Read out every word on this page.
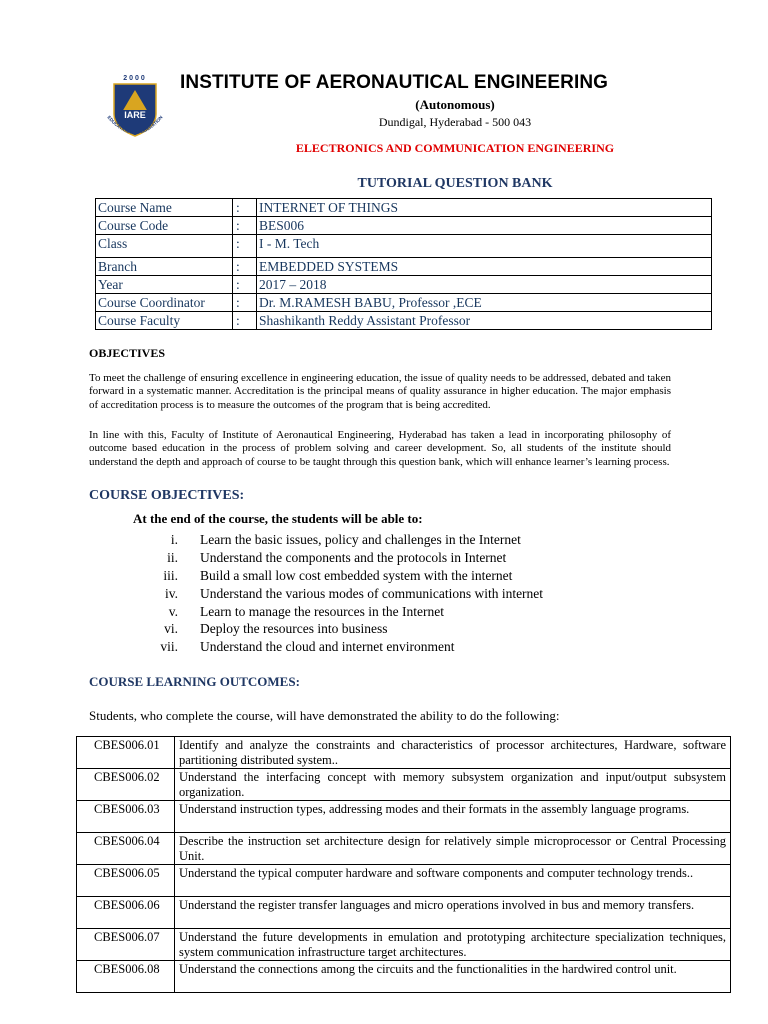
2000
IARE
EDUCATION FOR LIBERATION
INSTITUTE OF AERONAUTICAL ENGINEERING
(Autonomous)
Dundigal, Hyderabad - 500 043
ELECTRONICS AND COMMUNICATION ENGINEERING
TUTORIAL QUESTION BANK
Course Name	:	INTERNET OF THINGS
Course Code	:	BES006
Class	:	I - M. Tech
Branch	:	EMBEDDED SYSTEMS
Year	:	2017 – 2018
Course Coordinator	:	Dr. M.RAMESH BABU, Professor ,ECE
Course Faculty	:	Shashikanth Reddy Assistant Professor
OBJECTIVES
To meet the challenge of ensuring excellence in engineering education, the issue of quality needs to be addressed, debated and taken forward in a systematic manner. Accreditation is the principal means of quality assurance in higher education. The major emphasis of accreditation process is to measure the outcomes of the program that is being accredited.
In line with this, Faculty of Institute of Aeronautical Engineering, Hyderabad has taken a lead in incorporating philosophy of outcome based education in the process of problem solving and career development. So, all students of the institute should understand the depth and approach of course to be taught through this question bank, which will enhance learner’s learning process.
COURSE OBJECTIVES:
At the end of the course, the students will be able to:
i.	Learn the basic issues, policy and challenges in the Internet
ii.	Understand the components and the protocols in Internet
iii.	Build a small low cost embedded system with the internet
iv.	Understand the various modes of communications with internet
v.	Learn to manage the resources in the Internet
vi.	Deploy the resources into business
vii.	Understand the cloud and internet environment
COURSE LEARNING OUTCOMES:
Students, who complete the course, will have demonstrated the ability to do the following:
CBES006.01	Identify and analyze the constraints and characteristics of processor architectures, Hardware, software partitioning distributed system..
CBES006.02	Understand the interfacing concept with memory subsystem organization and input/output subsystem organization.
CBES006.03	Understand instruction types, addressing modes and their formats in the assembly language programs.
CBES006.04	Describe the instruction set architecture design for relatively simple microprocessor or Central Processing Unit.
CBES006.05	Understand the typical computer hardware and software components and computer technology trends..
CBES006.06	Understand the register transfer languages and micro operations involved in bus and memory transfers.
CBES006.07	Understand the future developments in emulation and prototyping architecture specialization techniques, system communication infrastructure target architectures.
CBES006.08	Understand the connections among the circuits and the functionalities in the hardwired control unit.
